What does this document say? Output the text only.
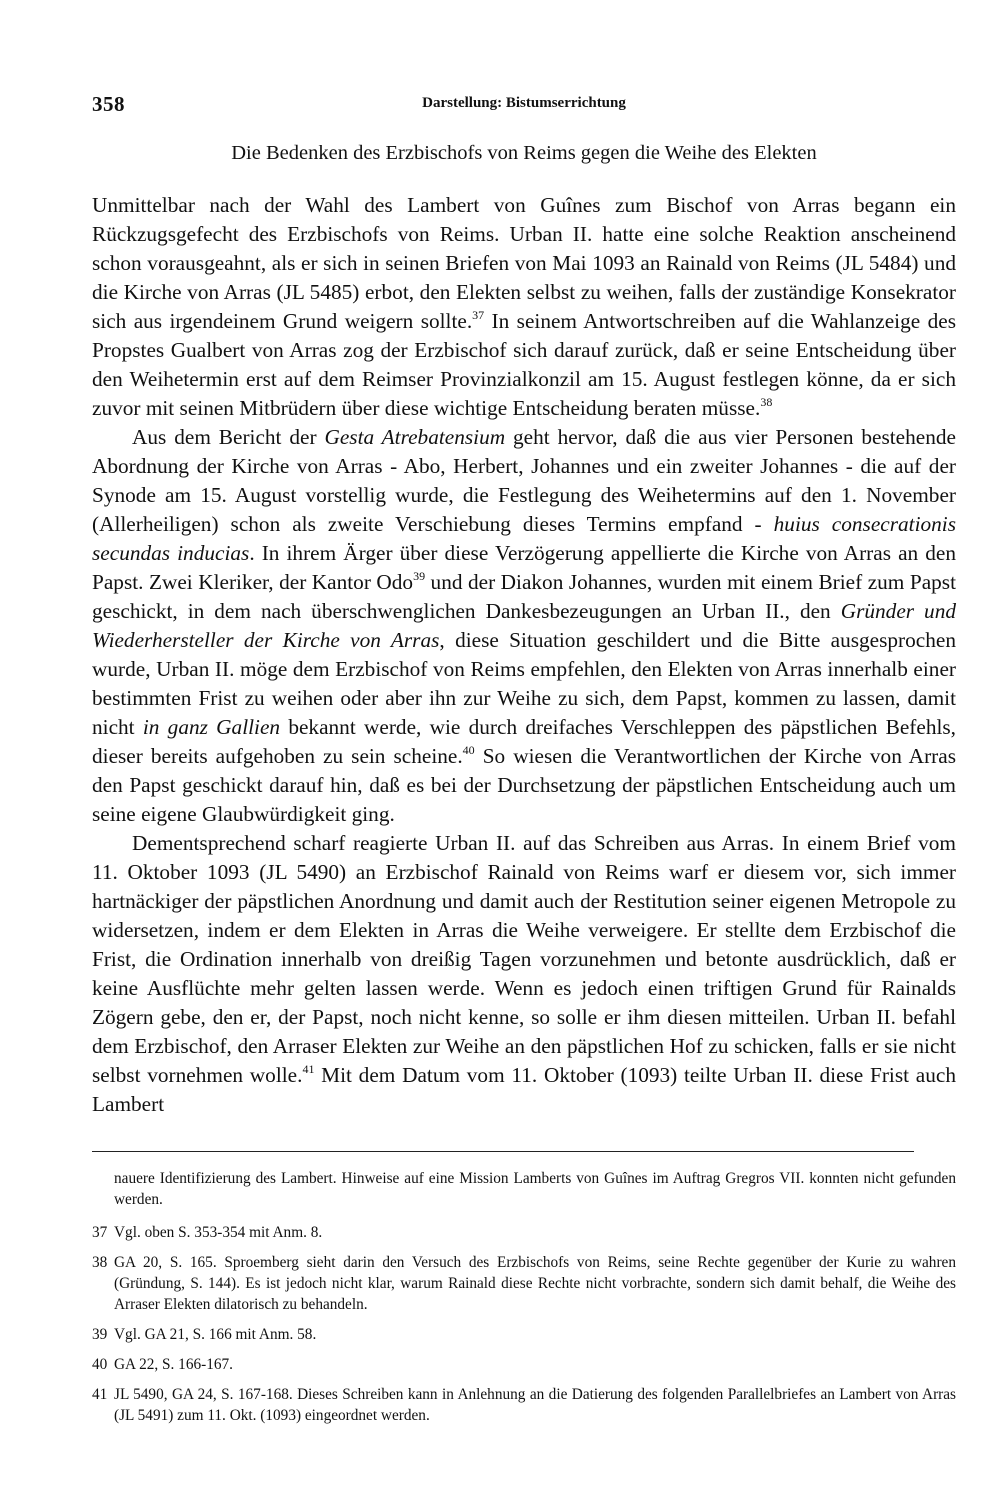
358	Darstellung: Bistumserrichtung
Die Bedenken des Erzbischofs von Reims gegen die Weihe des Elekten

Unmittelbar nach der Wahl des Lambert von Guînes zum Bischof von Arras begann ein Rückzugsgefecht des Erzbischofs von Reims. Urban II. hatte eine solche Reaktion anscheinend schon vorausgeahnt, als er sich in seinen Briefen von Mai 1093 an Rainald von Reims (JL 5484) und die Kirche von Arras (JL 5485) erbot, den Elekten selbst zu weihen, falls der zuständige Konsekrator sich aus irgendeinem Grund weigern sollte.$^{37}$ In seinem Antwortschreiben auf die Wahlanzeige des Propstes Gualbert von Arras zog der Erzbischof sich darauf zurück, daß er seine Entscheidung über den Weihetermin erst auf dem Reimser Provinzialkonzil am 15. August festlegen könne, da er sich zuvor mit seinen Mitbrüdern über diese wichtige Entscheidung beraten müsse.$^{38}$

Aus dem Bericht der Gesta Atrebatensium geht hervor, daß die aus vier Personen bestehende Abordnung der Kirche von Arras - Abo, Herbert, Johannes und ein zweiter Johannes - die auf der Synode am 15. August vorstellig wurde, die Festlegung des Weihetermins auf den 1. November (Allerheiligen) schon als zweite Verschiebung dieses Termins empfand - huius consecrationis secundas inducias. In ihrem Ärger über diese Verzögerung appellierte die Kirche von Arras an den Papst. Zwei Kleriker, der Kantor Odo$^{39}$ und der Diakon Johannes, wurden mit einem Brief zum Papst geschickt, in dem nach überschwenglichen Dankesbezeugungen an Urban II., den Gründer und Wiederhersteller der Kirche von Arras, diese Situation geschildert und die Bitte ausgesprochen wurde, Urban II. möge dem Erzbischof von Reims empfehlen, den Elekten von Arras innerhalb einer bestimmten Frist zu weihen oder aber ihn zur Weihe zu sich, dem Papst, kommen zu lassen, damit nicht in ganz Gallien bekannt werde, wie durch dreifaches Verschleppen des päpstlichen Befehls, dieser bereits aufgehoben zu sein scheine.$^{40}$ So wiesen die Verantwortlichen der Kirche von Arras den Papst geschickt darauf hin, daß es bei der Durchsetzung der päpstlichen Entscheidung auch um seine eigene Glaubwürdigkeit ging.

Dementsprechend scharf reagierte Urban II. auf das Schreiben aus Arras. In einem Brief vom 11. Oktober 1093 (JL 5490) an Erzbischof Rainald von Reims warf er diesem vor, sich immer hartnäckiger der päpstlichen Anordnung und damit auch der Restitution seiner eigenen Metropole zu widersetzen, indem er dem Elekten in Arras die Weihe verweigere. Er stellte dem Erzbischof die Frist, die Ordination innerhalb von dreißig Tagen vorzunehmen und betonte ausdrücklich, daß er keine Ausflüchte mehr gelten lassen werde. Wenn es jedoch einen triftigen Grund für Rainalds Zögern gebe, den er, der Papst, noch nicht kenne, so solle er ihm diesen mitteilen. Urban II. befahl dem Erzbischof, den Arraser Elekten zur Weihe an den päpstlichen Hof zu schicken, falls er sie nicht selbst vornehmen wolle.$^{41}$ Mit dem Datum vom 11. Oktober (1093) teilte Urban II. diese Frist auch Lambert

nauere Identifizierung des Lambert. Hinweise auf eine Mission Lamberts von Guînes im Auftrag Gregros VII. konnten nicht gefunden werden.
37 Vgl. oben S. 353-354 mit Anm. 8.
38 GA 20, S. 165. Sproemberg sieht darin den Versuch des Erzbischofs von Reims, seine Rechte gegenüber der Kurie zu wahren (Gründung, S. 144). Es ist jedoch nicht klar, warum Rainald diese Rechte nicht vorbrachte, sondern sich damit behalf, die Weihe des Arraser Elekten dilatorisch zu behandeln.
39 Vgl. GA 21, S. 166 mit Anm. 58.
40 GA 22, S. 166-167.
41 JL 5490, GA 24, S. 167-168. Dieses Schreiben kann in Anlehnung an die Datierung des folgenden Parallelbriefes an Lambert von Arras (JL 5491) zum 11. Okt. (1093) eingeordnet werden.
